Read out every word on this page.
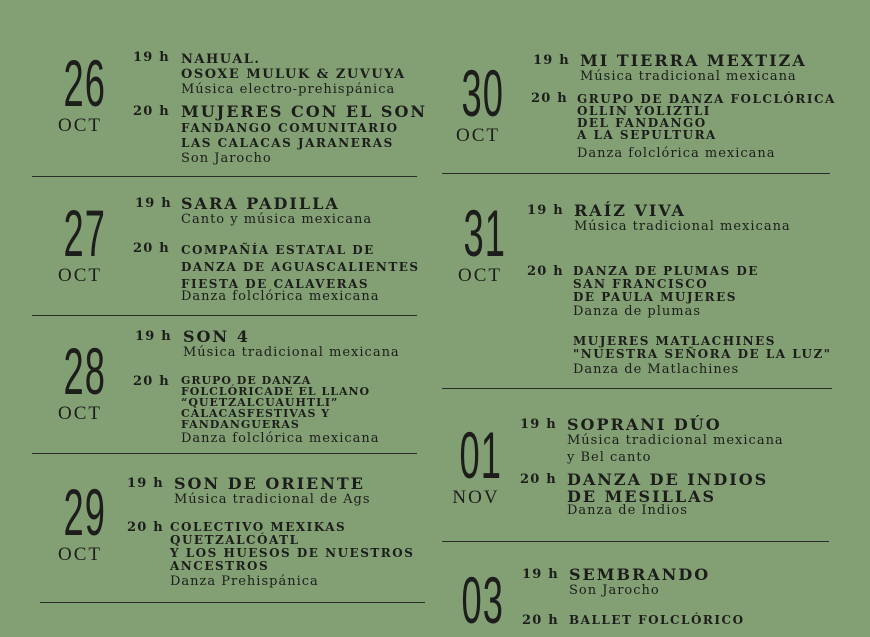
26
OCT
19 h NAHUAL.
OSOXE MULUK & ZUVUYA
Música electro-prehispánica
20 h MUJERES CON EL SON
FANDANGO COMUNITARIO
LAS CALACAS JARANERAS
Son Jarocho
27
OCT
19 h SARA PADILLA
Canto y música mexicana
20 h COMPAÑÍA ESTATAL DE
DANZA DE AGUASCALIENTES
FIESTA DE CALAVERAS
Danza folclórica mexicana
28
OCT
19 h SON 4
Música tradicional mexicana
20 h GRUPO DE DANZA
FOLCLÓRICADE EL LLANO
“QUETZALCUAUHTLI”
CALACASFESTIVAS Y
FANDANGUERAS
Danza folclórica mexicana
29
OCT
19 h SON DE ORIENTE
Música tradicional de Ags
20 h COLECTIVO MEXIKAS
QUETZALCÓATL
Y LOS HUESOS DE NUESTROS
ANCESTROS
Danza Prehispánica
30
OCT
19 h MI TIERRA MEXTIZA
Música tradicional mexicana
20 h GRUPO DE DANZA FOLCLÓRICA
OLLIN YOLIZTLI
DEL FANDANGO
A LA SEPULTURA
Danza folclórica mexicana
31
OCT
19 h RAÍZ VIVA
Música tradicional mexicana
20 h DANZA DE PLUMAS DE
SAN FRANCISCO
DE PAULA MUJERES
Danza de plumas
MUJERES MATLACHINES
"NUESTRA SEÑORA DE LA LUZ"
Danza de Matlachines
01
NOV
19 h SOPRANI DÚO
Música tradicional mexicana
y Bel canto
20 h DANZA DE INDIOS
DE MESILLAS
Danza de Indios
03 19 h SEMBRANDO
Son Jarocho
20 h BALLET FOLCLÓRICO
